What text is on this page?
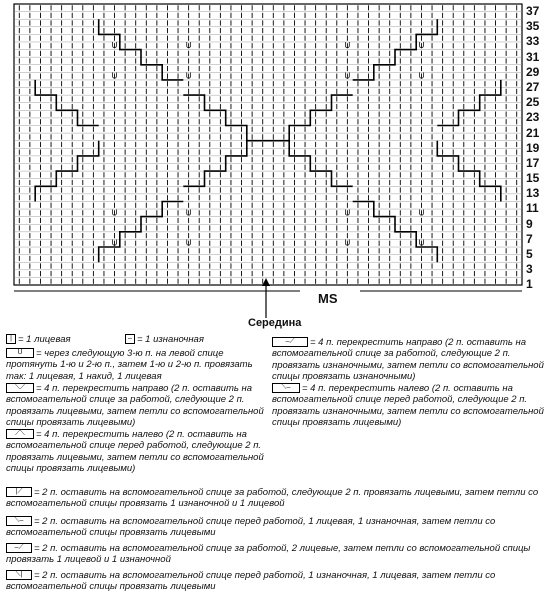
U	U	U	U
U	U	U	U
U	U	U	U
U	U	U	U
37
35
33
31
29
27
25
23
21
19
17
15
13
11
9
7
5
3
1
MS
Середина
| = 1 лицевая	– = 1 изнаночная
U = через следующую 3-ю п. на левой спице протянуть 1-ю и 2-ю п., затем 1-ю и 2-ю п. провязать так: 1 лицевая, 1 накид, 1 лицевая
⟍⟋ = 4 п. перекрестить направо (2 п. оставить на вспомогательной спице за работой, следующие 2 п. провязать лицевыми, затем петли со вспомогательной спицы провязать лицевыми)
⟋⟍ = 4 п. перекрестить налево (2 п. оставить на вспомогательной спице перед работой, следующие 2 п. провязать лицевыми, затем петли со вспомогательной спицы провязать лицевыми)
–⟋ = 4 п. перекрестить направо (2 п. оставить на вспомогательной спице за работой, следующие 2 п. провязать изнаночными, затем петли со вспомогательной спицы провязать изнаночными)
⟍– = 4 п. перекрестить налево (2 п. оставить на вспомогательной спице перед работой, следующие 2 п. провязать изнаночными, затем петли со вспомогательной спицы провязать лицевыми)
|⟋ = 2 п. оставить на вспомогательной спице за работой, следующие 2 п. провязать лицевыми, затем петли со вспомогательной спицы провязать 1 изнаночной и 1 лицевой
⟍– = 2 п. оставить на вспомогательной спице перед работой, 1 лицевая, 1 изнаночная, затем петли со вспомогательной спицы провязать лицевыми
–⟋ = 2 п. оставить на вспомогательной спице за работой, 2 лицевые, затем петли со вспомогательной спицы провязать 1 лицевой и 1 изнаночной
⟍| = 2 п. оставить на вспомогательной спице перед работой, 1 изнаночная, 1 лицевая, затем петли со вспомогательной спицы провязать лицевыми
